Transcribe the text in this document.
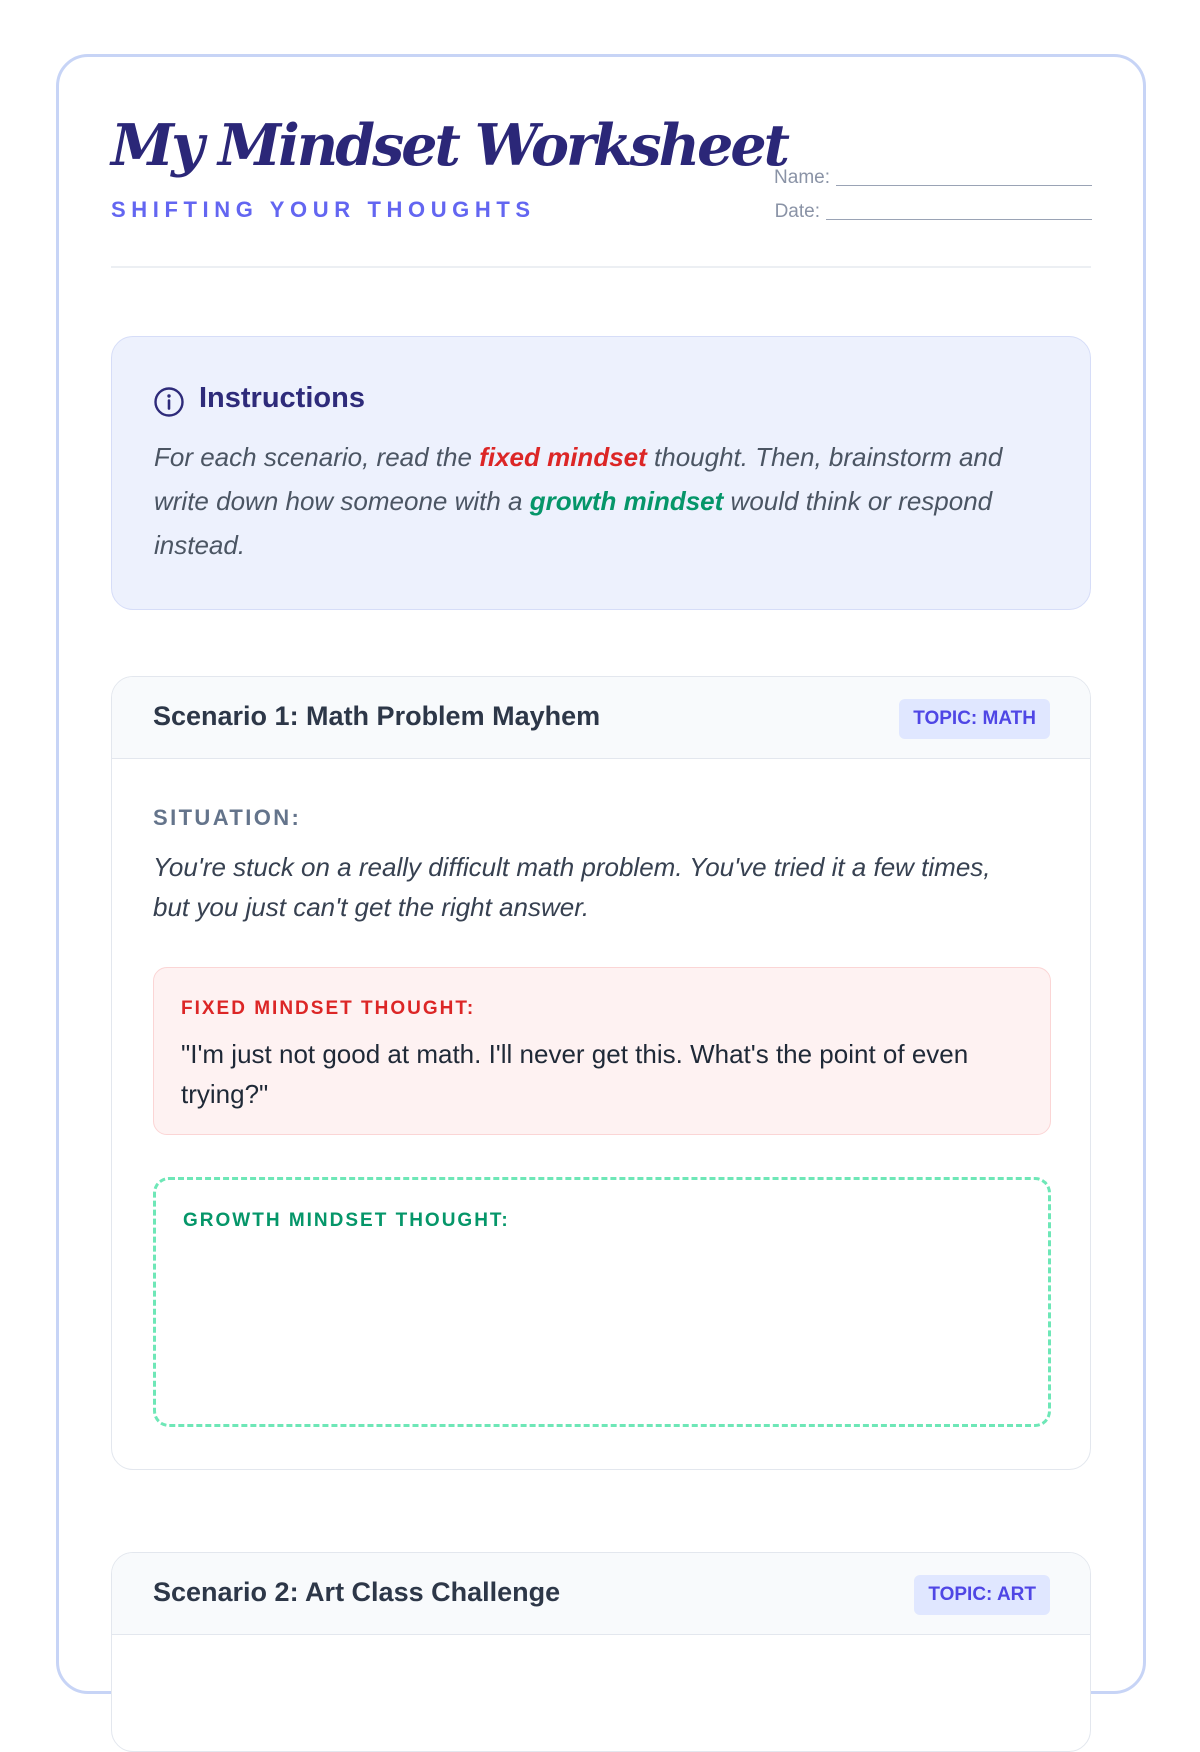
My Mindset Worksheet
SHIFTING YOUR THOUGHTS
Name:
Date:
Instructions

For each scenario, read the fixed mindset thought. Then, brainstorm and write down how someone with a growth mindset would think or respond instead.

Scenario 1: Math Problem Mayhem	TOPIC: MATH
SITUATION:

You're stuck on a really difficult math problem. You've tried it a few times, but you just can't get the right answer.

FIXED MINDSET THOUGHT:

"I'm just not good at math. I'll never get this. What's the point of even trying?"

GROWTH MINDSET THOUGHT:
Scenario 2: Art Class Challenge	TOPIC: ART
